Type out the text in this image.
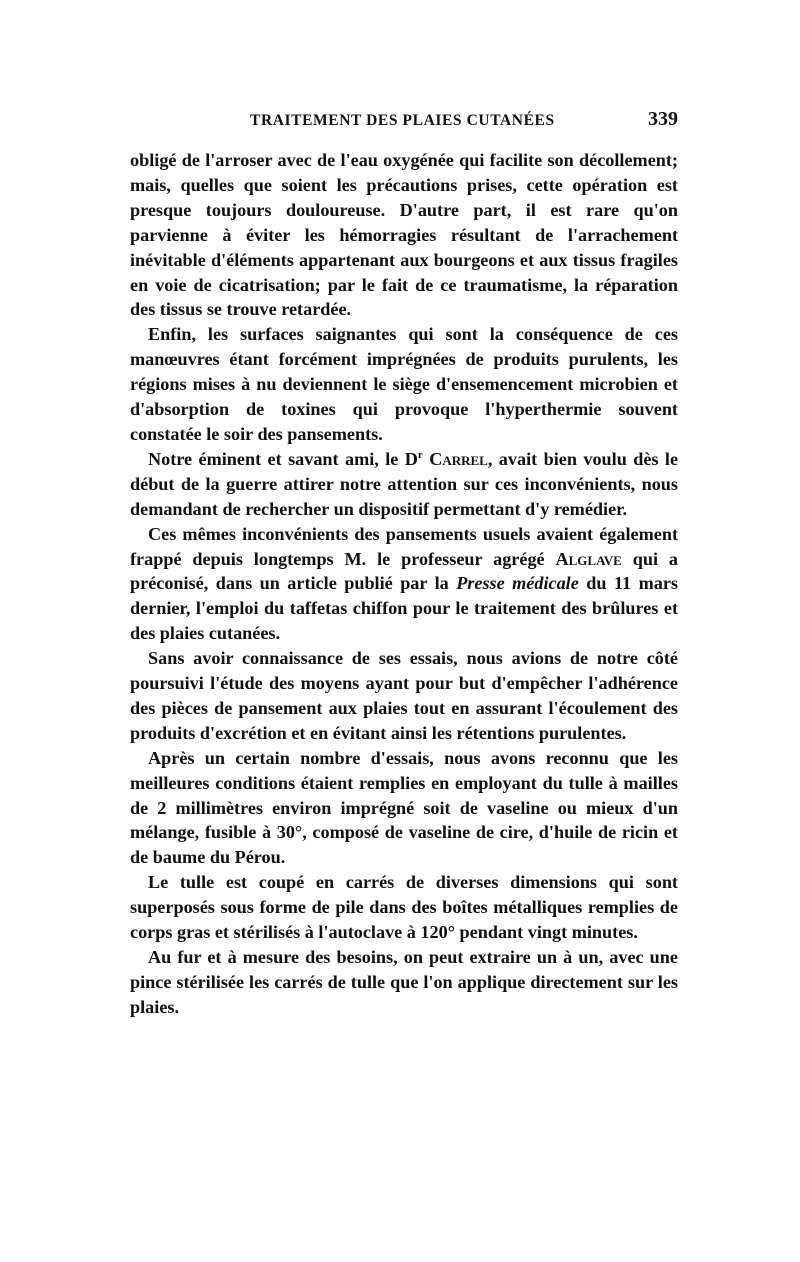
TRAITEMENT DES PLAIES CUTANÉES	339

obligé de l'arroser avec de l'eau oxygénée qui facilite son décollement; mais, quelles que soient les précautions prises, cette opération est presque toujours douloureuse. D'autre part, il est rare qu'on parvienne à éviter les hémorragies résultant de l'arrachement inévitable d'éléments appartenant aux bourgeons et aux tissus fragiles en voie de cicatrisation; par le fait de ce traumatisme, la réparation des tissus se trouve retardée.

Enfin, les surfaces saignantes qui sont la conséquence de ces manœuvres étant forcément imprégnées de produits purulents, les régions mises à nu deviennent le siège d'ensemencement microbien et d'absorption de toxines qui provoque l'hyperthermie souvent constatée le soir des pansements.

Notre éminent et savant ami, le $D^r$ Carrel, avait bien voulu dès le début de la guerre attirer notre attention sur ces inconvénients, nous demandant de rechercher un dispositif permettant d'y remédier.

Ces mêmes inconvénients des pansements usuels avaient également frappé depuis longtemps M. le professeur agrégé Alglave qui a préconisé, dans un article publié par la Presse médicale du 11 mars dernier, l'emploi du taffetas chiffon pour le traitement des brûlures et des plaies cutanées.

Sans avoir connaissance de ses essais, nous avions de notre côté poursuivi l'étude des moyens ayant pour but d'empêcher l'adhérence des pièces de pansement aux plaies tout en assurant l'écoulement des produits d'excrétion et en évitant ainsi les rétentions purulentes.

Après un certain nombre d'essais, nous avons reconnu que les meilleures conditions étaient remplies en employant du tulle à mailles de 2 millimètres environ imprégné soit de vaseline ou mieux d'un mélange, fusible à 30°, composé de vaseline de cire, d'huile de ricin et de baume du Pérou.

Le tulle est coupé en carrés de diverses dimensions qui sont superposés sous forme de pile dans des boîtes métalliques remplies de corps gras et stérilisés à l'autoclave à 120° pendant vingt minutes.

Au fur et à mesure des besoins, on peut extraire un à un, avec une pince stérilisée les carrés de tulle que l'on applique directement sur les plaies.
